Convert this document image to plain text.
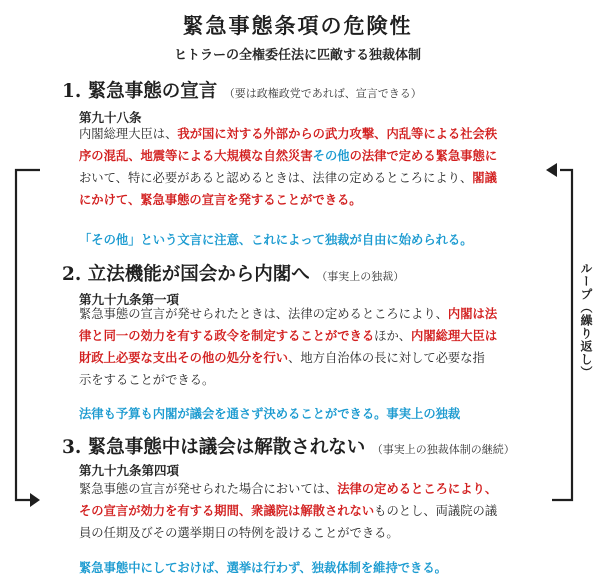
ループ（繰り返し）
緊急事態条項の危険性
ヒトラーの全権委任法に匹敵する独裁体制
1. 緊急事態の宣言 （要は政権政党であれば、宣言できる）
第九十八条
内閣総理大臣は、我が国に対する外部からの武力攻撃、内乱等による社会秩
序の混乱、地震等による大規模な自然災害その他の法律で定める緊急事態に
おいて、特に必要があると認めるときは、法律の定めるところにより、閣議
にかけて、緊急事態の宣言を発することができる。
「その他」という文言に注意、これによって独裁が自由に始められる。
2. 立法機能が国会から内閣へ （事実上の独裁）
第九十九条第一項
緊急事態の宣言が発せられたときは、法律の定めるところにより、内閣は法
律と同一の効力を有する政令を制定することができるほか、内閣総理大臣は
財政上必要な支出その他の処分を行い、地方自治体の長に対して必要な指
示をすることができる。
法律も予算も内閣が議会を通さず決めることができる。事実上の独裁
3. 緊急事態中は議会は解散されない （事実上の独裁体制の継続）
第九十九条第四項
緊急事態の宣言が発せられた場合においては、法律の定めるところにより、
その宣言が効力を有する期間、衆議院は解散されないものとし、両議院の議
員の任期及びその選挙期日の特例を設けることができる。
緊急事態中にしておけば、選挙は行わず、独裁体制を維持できる。
